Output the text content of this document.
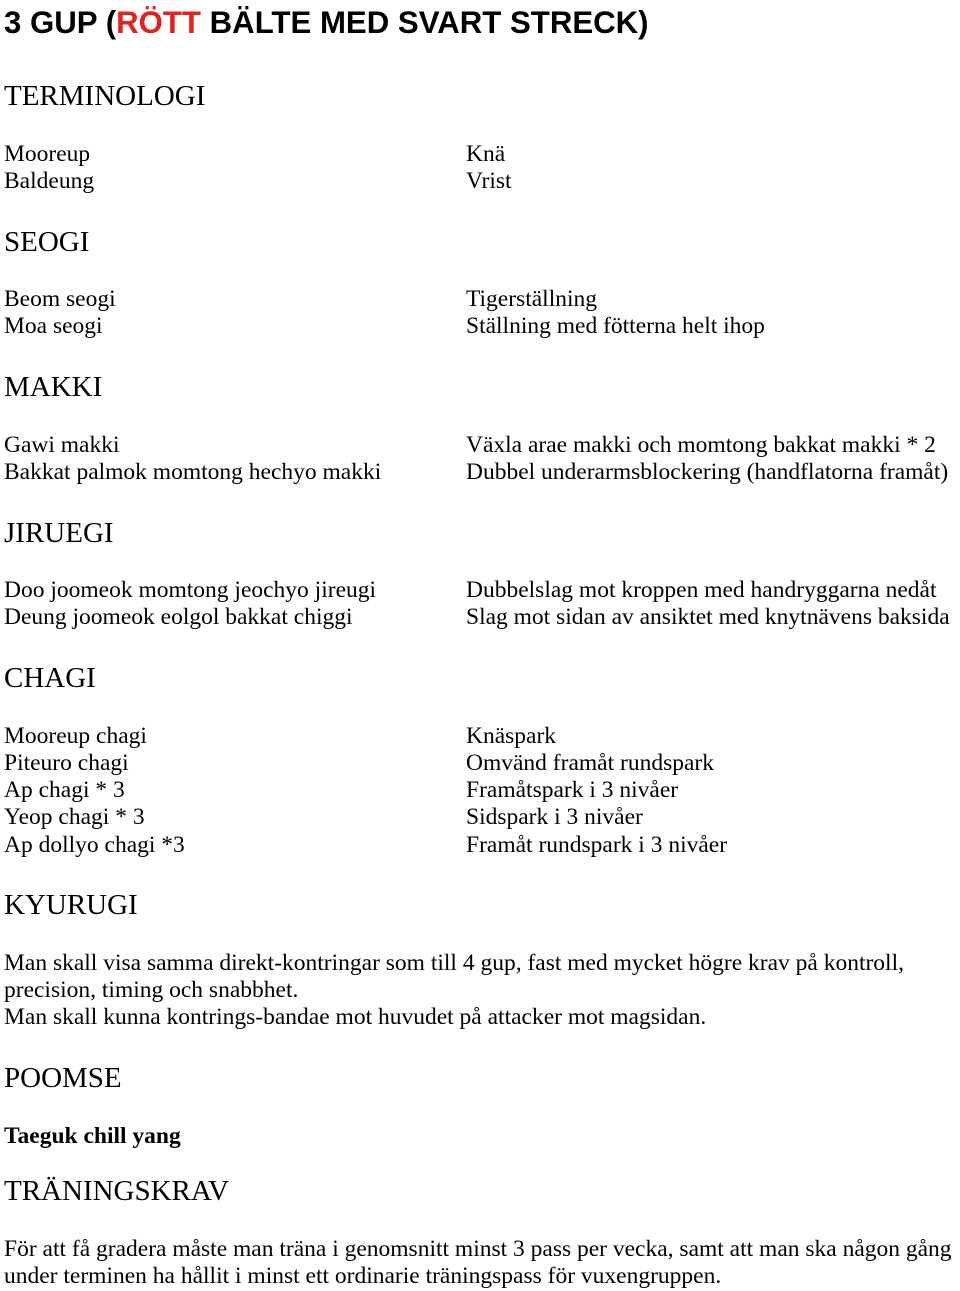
3 GUP (RÖTT BÄLTE MED SVART STRECK)
TERMINOLOGI
Mooreup	Knä
Baldeung	Vrist
SEOGI
Beom seogi	Tigerställning
Moa seogi	Ställning med fötterna helt ihop
MAKKI
Gawi makki	Växla arae makki och momtong bakkat makki * 2
Bakkat palmok momtong hechyo makki	Dubbel underarmsblockering (handflatorna framåt)
JIRUEGI
Doo joomeok momtong jeochyo jireugi	Dubbelslag mot kroppen med handryggarna nedåt
Deung joomeok eolgol bakkat chiggi	Slag mot sidan av ansiktet med knytnävens baksida
CHAGI
Mooreup chagi	Knäspark
Piteuro chagi	Omvänd framåt rundspark
Ap chagi * 3	Framåtspark i 3 nivåer
Yeop chagi * 3	Sidspark i 3 nivåer
Ap dollyo chagi *3	Framåt rundspark i 3 nivåer
KYURUGI

Man skall visa samma direkt-kontringar som till 4 gup, fast med mycket högre krav på kontroll, precision, timing och snabbhet.

Man skall kunna kontrings-bandae mot huvudet på attacker mot magsidan.

POOMSE

Taeguk chill yang

TRÄNINGSKRAV

För att få gradera måste man träna i genomsnitt minst 3 pass per vecka, samt att man ska någon gång under terminen ha hållit i minst ett ordinarie träningspass för vuxengruppen.
